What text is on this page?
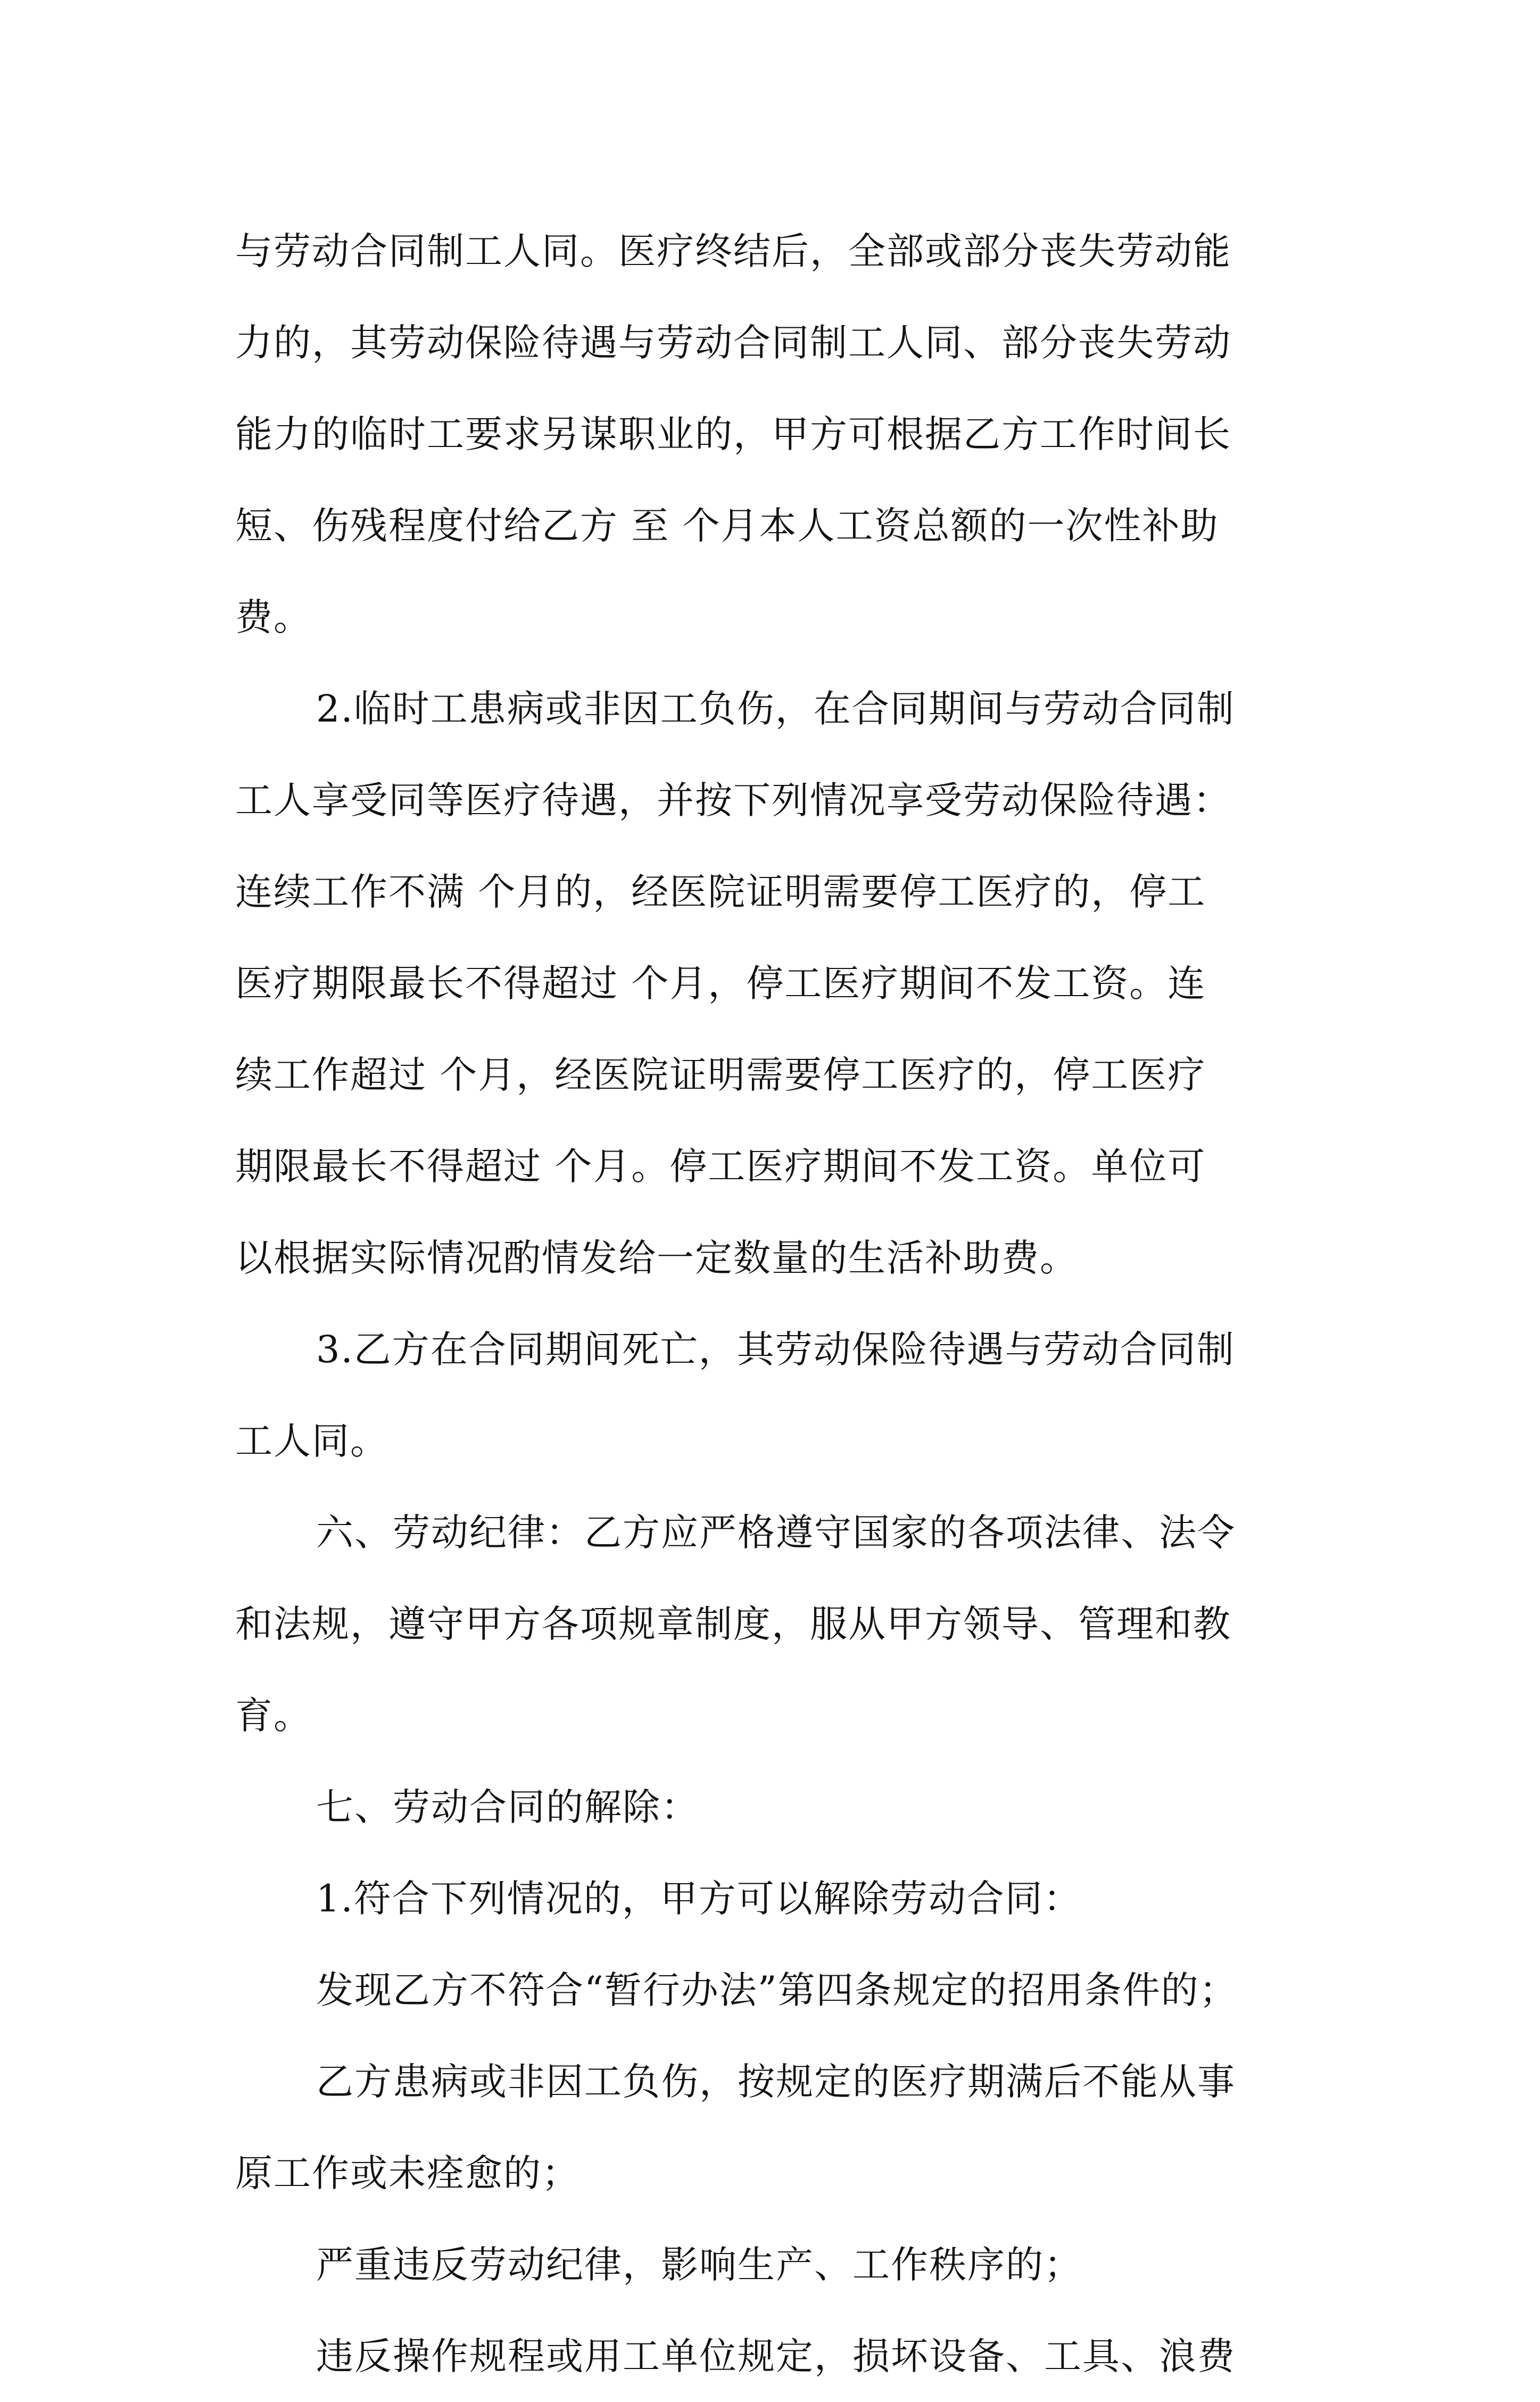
与劳动合同制工人同。医疗终结后，全部或部分丧失劳动能
力的，其劳动保险待遇与劳动合同制工人同、部分丧失劳动
能力的临时工要求另谋职业的，甲方可根据乙方工作时间长
短、伤残程度付给乙方 至 个月本人工资总额的一次性补助
费。
2.临时工患病或非因工负伤，在合同期间与劳动合同制
工人享受同等医疗待遇，并按下列情况享受劳动保险待遇：
连续工作不满 个月的，经医院证明需要停工医疗的，停工
医疗期限最长不得超过 个月，停工医疗期间不发工资。连
续工作超过 个月，经医院证明需要停工医疗的，停工医疗
期限最长不得超过 个月。停工医疗期间不发工资。单位可
以根据实际情况酌情发给一定数量的生活补助费。
3.乙方在合同期间死亡，其劳动保险待遇与劳动合同制
工人同。
六、劳动纪律：乙方应严格遵守国家的各项法律、法令
和法规，遵守甲方各项规章制度，服从甲方领导、管理和教
育。
七、劳动合同的解除：
1.符合下列情况的，甲方可以解除劳动合同：
发现乙方不符合“暂行办法”第四条规定的招用条件的；
乙方患病或非因工负伤，按规定的医疗期满后不能从事
原工作或未痊愈的；
严重违反劳动纪律，影响生产、工作秩序的；
违反操作规程或用工单位规定，损坏设备、工具、浪费
